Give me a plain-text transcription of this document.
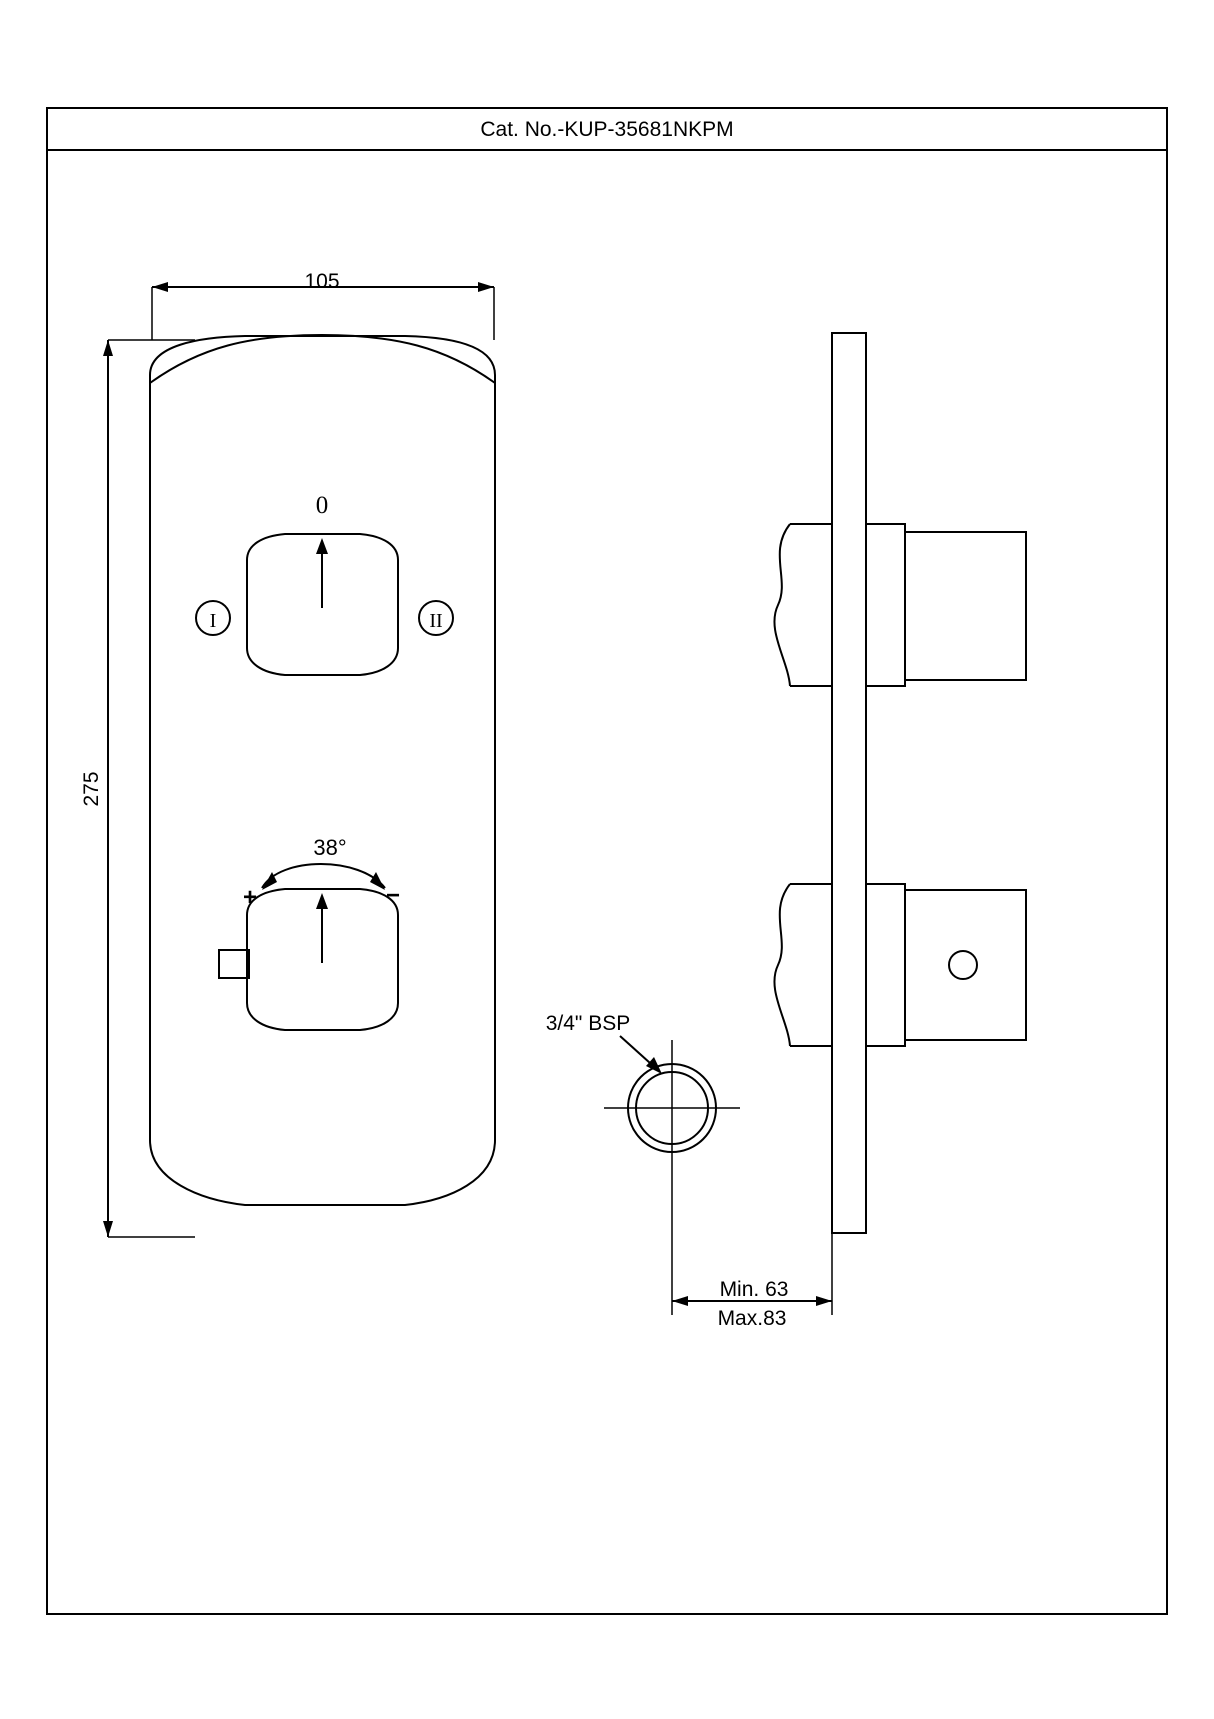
Cat. No.-KUP-35681NKPM
105
275
0
I	II
38°
+	−
3/4" BSP
Min. 63
Max.83
